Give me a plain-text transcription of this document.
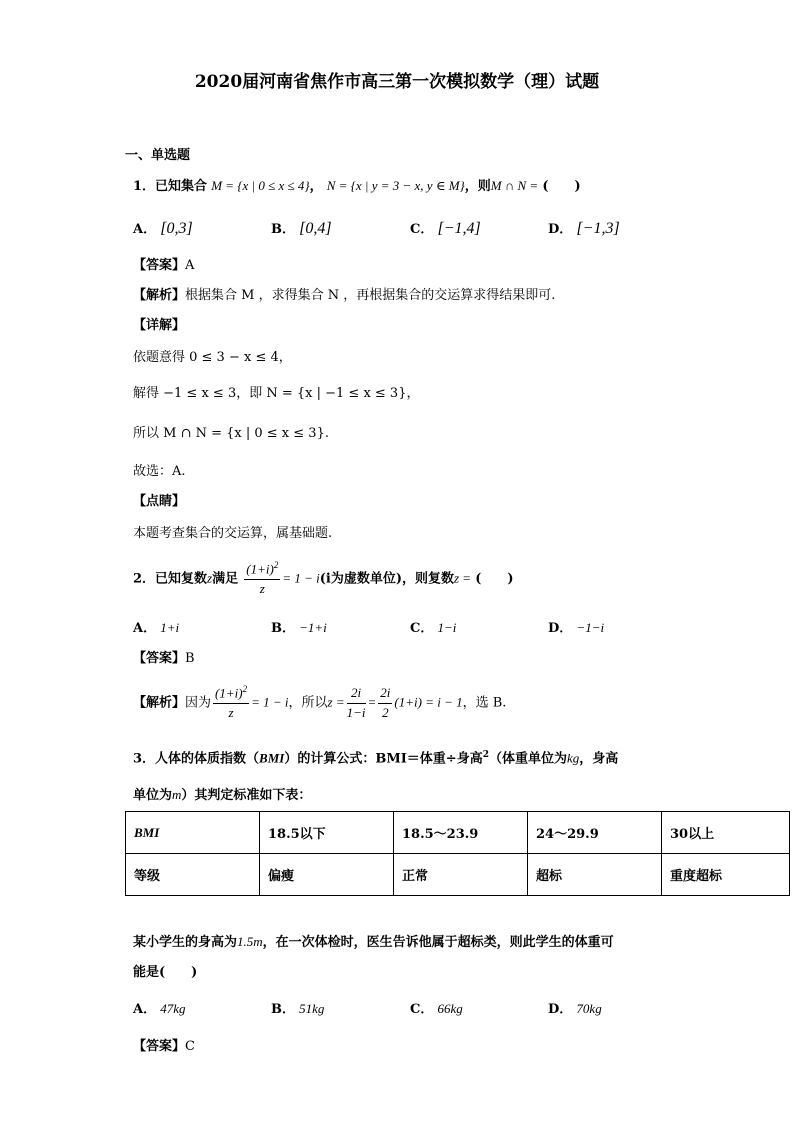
2020届河南省焦作市高三第一次模拟数学（理）试题
一、单选题
1．已知集合 M = {x | 0 ≤ x ≤ 4}， N = {x | y = 3 − x, y ∈ M}，则M ∩ N = (　　)
A． [0,3]	B． [0,4]	C． [−1,4]	D． [−1,3]
【答案】A
【解析】根据集合 M ，求得集合 N ，再根据集合的交运算求得结果即可.
【详解】
依题意得 0 ≤ 3 − x ≤ 4，
解得 −1 ≤ x ≤ 3，即 N = {x | −1 ≤ x ≤ 3}，
所以 M ∩ N = {x | 0 ≤ x ≤ 3}.
故选：A.
【点睛】
本题考查集合的交运算，属基础题.
2．已知复数z满足 $\frac{(1+i)^2}{z} = 1 - i(i$为虚数单位)，则复数z = (　　)
A． 1+i	B． −1+i	C． 1−i	D． −1−i
【答案】B
【解析】因为 $\frac{(1+i)^2}{z} = 1 - i$，所以$z = \frac{2i}{1-i} = \frac{2i}{2} (1+i) = i - 1$，选 B.
3．人体的体质指数（BMI）的计算公式：BMI＝体重÷身高$^2$（体重单位为kg，身高
单位为m）其判定标准如下表：
BMI	18.5以下	18.5～23.9	24～29.9	30以上
等级	偏瘦	正常	超标	重度超标
某小学生的身高为1.5m，在一次体检时，医生告诉他属于超标类，则此学生的体重可
能是(　　)
A． 47kg	B． 51kg	C． 66kg	D． 70kg
【答案】C
